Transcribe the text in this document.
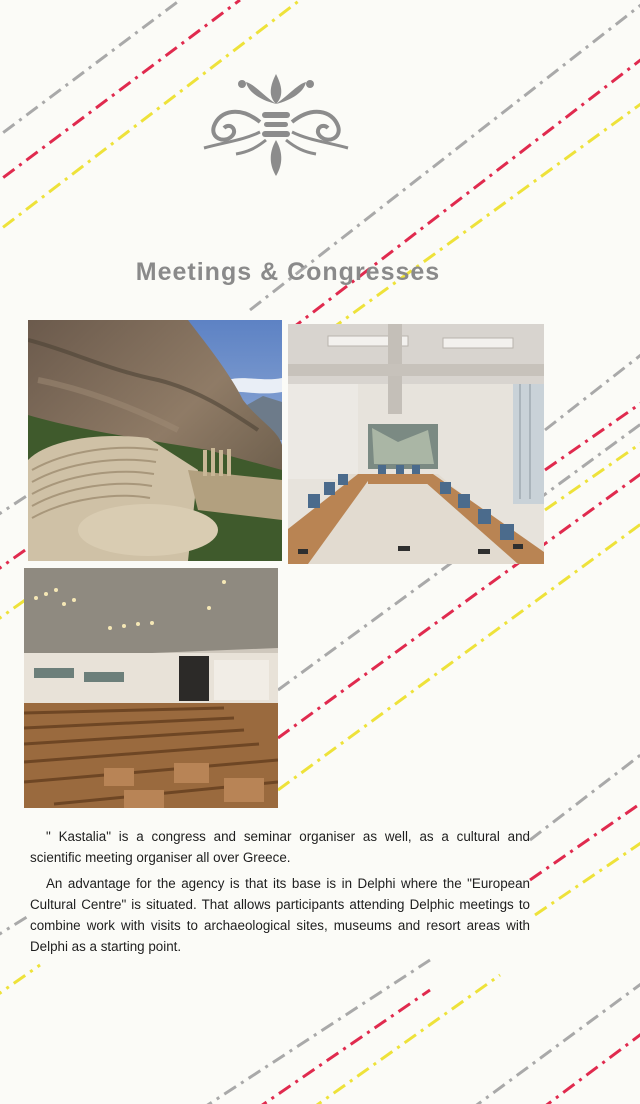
Meetings & Congresses

" Kastalia" is a congress and seminar organiser as well, as a cultural and scientific meeting organiser all over Greece.

An advantage for the agency is that its base is in Delphi where the "European Cultural Centre" is situated. That allows participants attending Delphic meetings to combine work with visits to archaeological sites, museums and resort areas with Delphi as a starting point.
